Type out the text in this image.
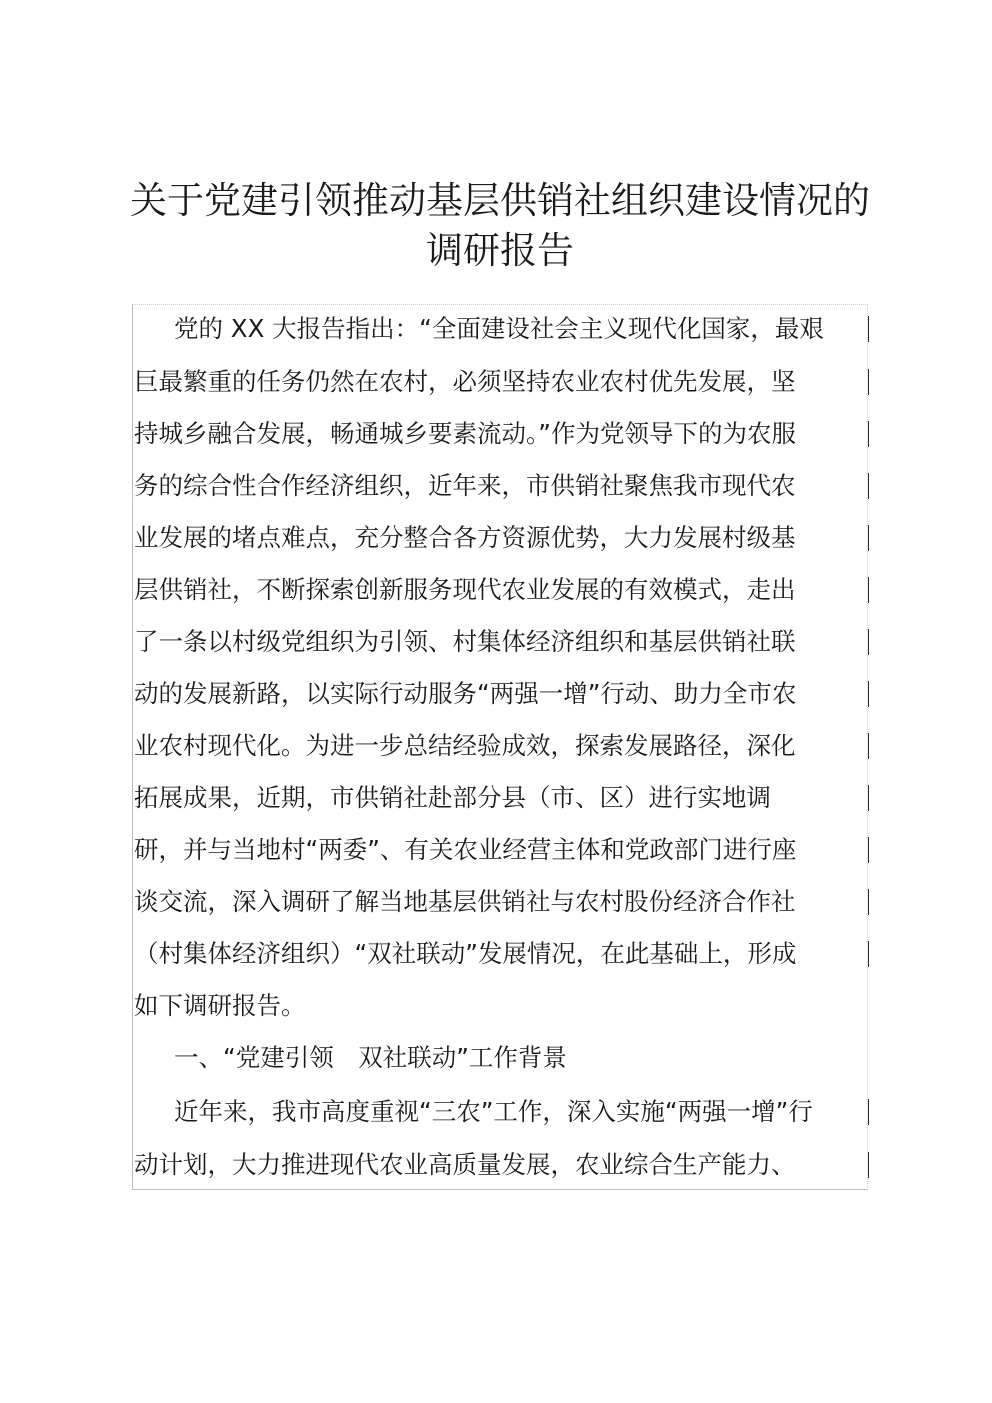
关于党建引领推动基层供销社组织建设情况的
调研报告
党的 XX 大报告指出：“全面建设社会主义现代化国家，最艰
巨最繁重的任务仍然在农村，必须坚持农业农村优先发展，坚
持城乡融合发展，畅通城乡要素流动。”作为党领导下的为农服
务的综合性合作经济组织，近年来，市供销社聚焦我市现代农
业发展的堵点难点，充分整合各方资源优势，大力发展村级基
层供销社，不断探索创新服务现代农业发展的有效模式，走出
了一条以村级党组织为引领、村集体经济组织和基层供销社联
动的发展新路，以实际行动服务“两强一增”行动、助力全市农
业农村现代化。为进一步总结经验成效，探索发展路径，深化
拓展成果，近期，市供销社赴部分县（市、区）进行实地调
研，并与当地村“两委”、有关农业经营主体和党政部门进行座
谈交流，深入调研了解当地基层供销社与农村股份经济合作社
（村集体经济组织）“双社联动”发展情况，在此基础上，形成
如下调研报告。
一、“党建引领　双社联动”工作背景
近年来，我市高度重视“三农”工作，深入实施“两强一增”行
动计划，大力推进现代农业高质量发展，农业综合生产能力、
